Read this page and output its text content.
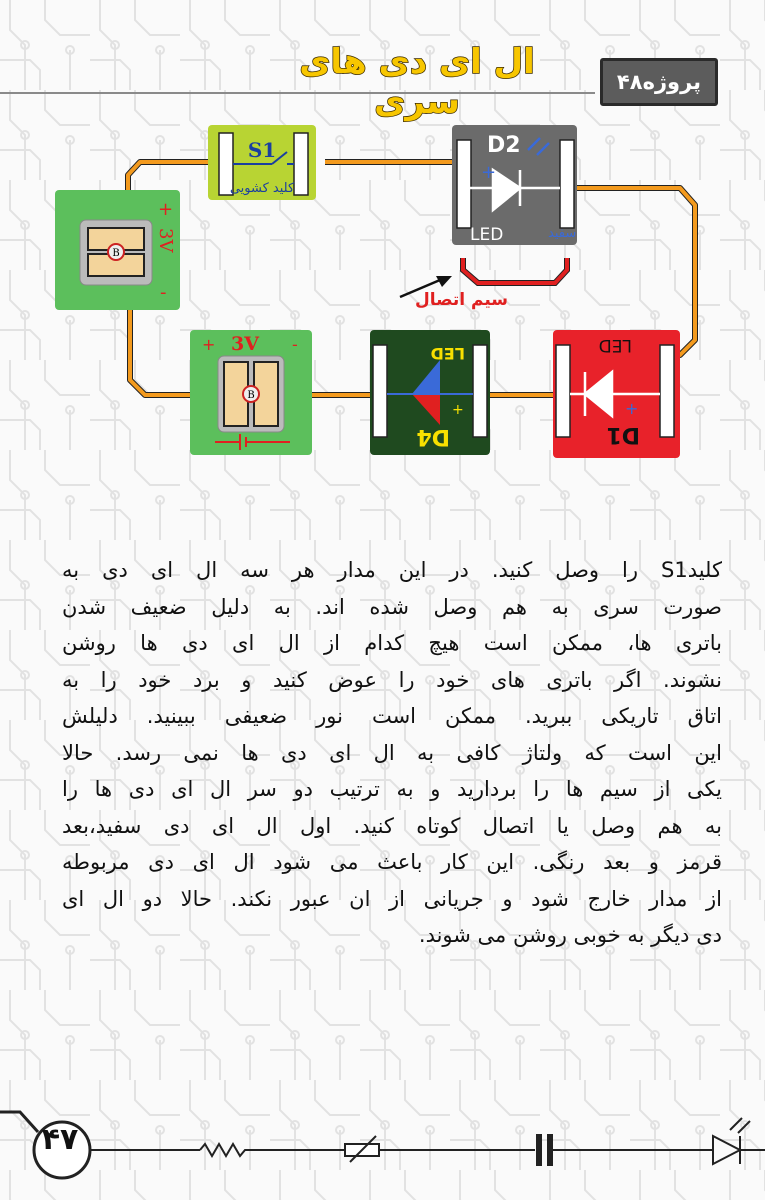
ال ای دی های سری	پروژه۴۸
سیم اتصال
S1
کلید کشویی
D2
+
LED	سفید
B
3V
+
-
B
3V
+	-
D4
LED
+
D1
LED
+
کلیدS1 را وصل کنید. در این مدار هر سه ال ای دی به
صورت سری به هم وصل شده اند. به دلیل ضعیف شدن
باتری ها، ممکن است هیچ کدام از ال ای دی ها روشن
نشوند. اگر باتری های خود را عوض کنید و برد خود را به
اتاق تاریکی ببرید. ممکن است نور ضعیفی ببینید. دلیلش
این است که ولتاژ کافی به ال ای دی ها نمی رسد. حالا
یکی از سیم ها را بردارید و به ترتیب دو سر ال ای دی ها را
به هم وصل یا اتصال کوتاه کنید. اول ال ای دی سفید،بعد
قرمز و بعد رنگی. این کار باعث می شود ال ای دی مربوطه
از مدار خارج شود و جریانی از ان عبور نکند. حالا دو ال ای
دی دیگر به خوبی روشن می شوند.
۴۷
